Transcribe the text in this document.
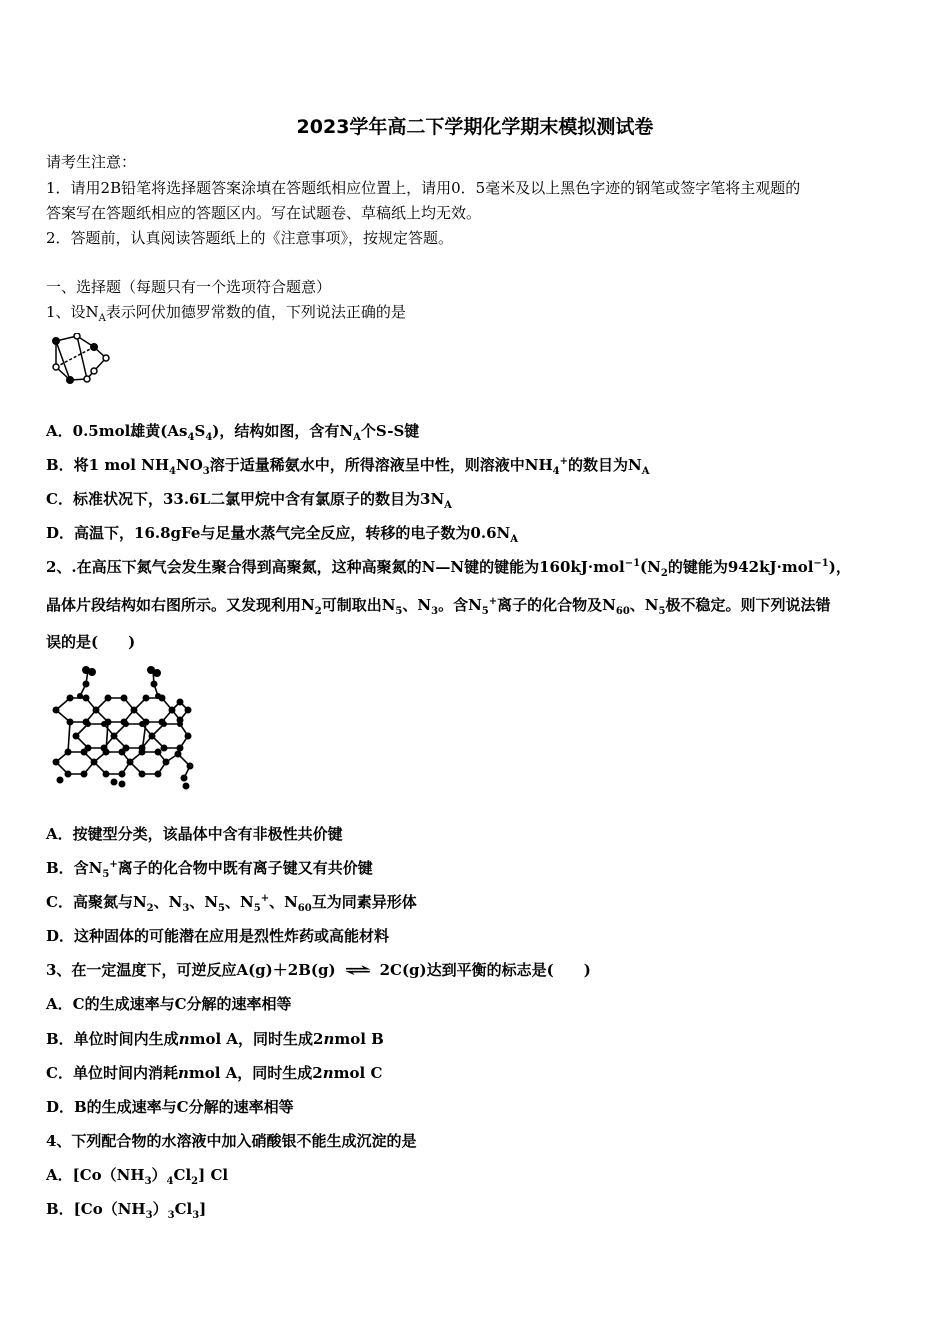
2023学年高二下学期化学期末模拟测试卷
请考生注意：
1．请用2B铅笔将选择题答案涂填在答题纸相应位置上，请用0．5毫米及以上黑色字迹的钢笔或签字笔将主观题的
答案写在答题纸相应的答题区内。写在试题卷、草稿纸上均无效。
2．答题前，认真阅读答题纸上的《注意事项》，按规定答题。
一、选择题（每题只有一个选项符合题意）
1、设$N_A$表示阿伏加德罗常数的值，下列说法正确的是
A．0.5mol雄黄$(As_4S_4)$，结构如图，含有$N_A$个S-S键
B．将1 mol $NH_4NO_3$溶于适量稀氨水中，所得溶液呈中性，则溶液中$NH_4^+$的数目为$N_A$
C．标准状况下，33.6L二氯甲烷中含有氯原子的数目为$3N_A$
D．高温下，16.8gFe与足量水蒸气完全反应，转移的电子数为$0.6N_A$
2、.在高压下氮气会发生聚合得到高聚氮，这种高聚氮的N—N键的键能为$160kJ\cdot mol^{-1}(N_2$的键能为942kJ·mol$^{-1}$)，
晶体片段结构如右图所示。又发现利用$N_2$可制取出$N_5$、$N_3$。含$N_5^+$离子的化合物及$N_{60}$、$N_5$极不稳定。则下列说法错
误的是(　　)
A．按键型分类，该晶体中含有非极性共价键
B．含$N_5^+$离子的化合物中既有离子键又有共价键
C．高聚氮与$N_2$、$N_3$、$N_5$、$N_5^+$、$N_{60}$互为同素异形体
D．这种固体的可能潜在应用是烈性炸药或高能材料
3、在一定温度下，可逆反应A(g)＋2B(g) ⇌ 2C(g)达到平衡的标志是(　　)
A．C的生成速率与C分解的速率相等
B．单位时间内生成nmol A，同时生成2nmol B
C．单位时间内消耗nmol A，同时生成2nmol C
D．B的生成速率与C分解的速率相等
4、下列配合物的水溶液中加入硝酸银不能生成沉淀的是
A．$[Co(NH_3)_4Cl_2]$ Cl
B．$[Co(NH_3)_3Cl_3]$
